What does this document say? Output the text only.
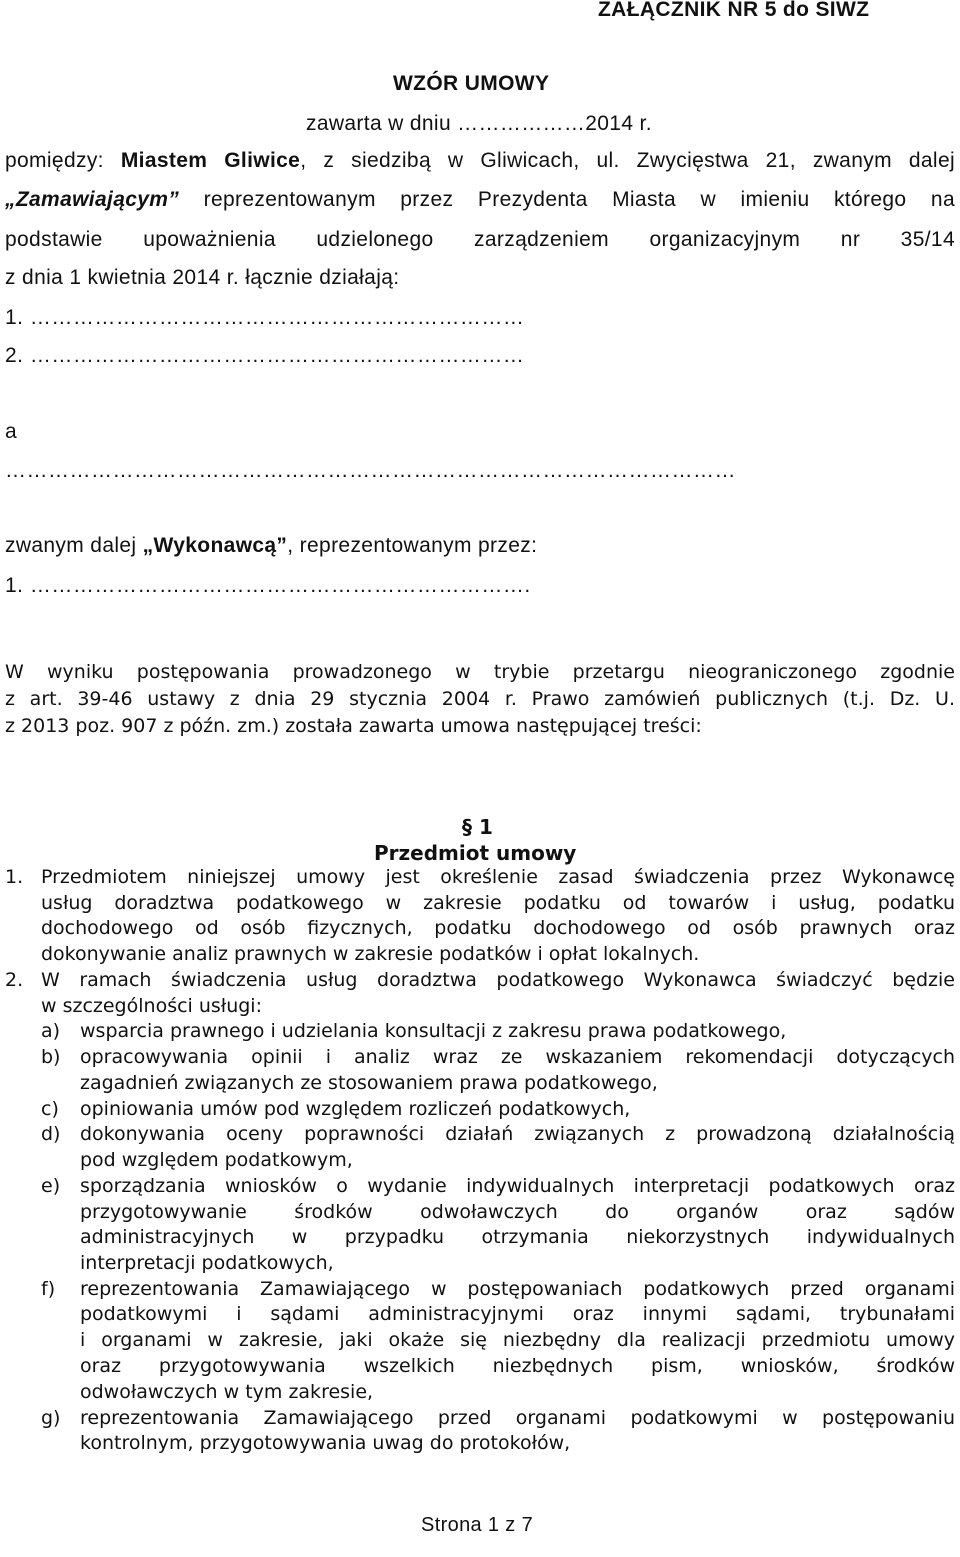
ZAŁĄCZNIK NR 5 do SIWZ
WZÓR UMOWY
zawarta w dniu ………………2014 r.
pomiędzy: Miastem Gliwice, z siedzibą w Gliwicach, ul. Zwycięstwa 21, zwanym dalej
„Zamawiającym” reprezentowanym przez Prezydenta Miasta w imieniu którego na
podstawie upoważnienia udzielonego zarządzeniem organizacyjnym nr 35/14
z dnia 1 kwietnia 2014 r. łącznie działają:
1. ……………………………………………………………
2. ……………………………………………………………
a
…………………………………………………………………………………………
zwanym dalej „Wykonawcą”, reprezentowanym przez:
1. …………………………………………………………….
W wyniku postępowania prowadzonego w trybie przetargu nieograniczonego zgodnie
z art. 39-46 ustawy z dnia 29 stycznia 2004 r. Prawo zamówień publicznych (t.j. Dz. U.
z 2013 poz. 907 z późn. zm.) została zawarta umowa następującej treści:
§ 1
Przedmiot umowy
1. Przedmiotem niniejszej umowy jest określenie zasad świadczenia przez Wykonawcę
usług doradztwa podatkowego w zakresie podatku od towarów i usług, podatku
dochodowego od osób fizycznych, podatku dochodowego od osób prawnych oraz
dokonywanie analiz prawnych w zakresie podatków i opłat lokalnych.
2. W ramach świadczenia usług doradztwa podatkowego Wykonawca świadczyć będzie
w szczególności usługi:
a) wsparcia prawnego i udzielania konsultacji z zakresu prawa podatkowego,
b) opracowywania opinii i analiz wraz ze wskazaniem rekomendacji dotyczących
zagadnień związanych ze stosowaniem prawa podatkowego,
c) opiniowania umów pod względem rozliczeń podatkowych,
d) dokonywania oceny poprawności działań związanych z prowadzoną działalnością
pod względem podatkowym,
e) sporządzania wniosków o wydanie indywidualnych interpretacji podatkowych oraz
przygotowywanie środków odwoławczych do organów oraz sądów
administracyjnych w przypadku otrzymania niekorzystnych indywidualnych
interpretacji podatkowych,
f) reprezentowania Zamawiającego w postępowaniach podatkowych przed organami
podatkowymi i sądami administracyjnymi oraz innymi sądami, trybunałami
i organami w zakresie, jaki okaże się niezbędny dla realizacji przedmiotu umowy
oraz przygotowywania wszelkich niezbędnych pism, wniosków, środków
odwoławczych w tym zakresie,
g) reprezentowania Zamawiającego przed organami podatkowymi w postępowaniu
kontrolnym, przygotowywania uwag do protokołów,
Strona 1 z 7
